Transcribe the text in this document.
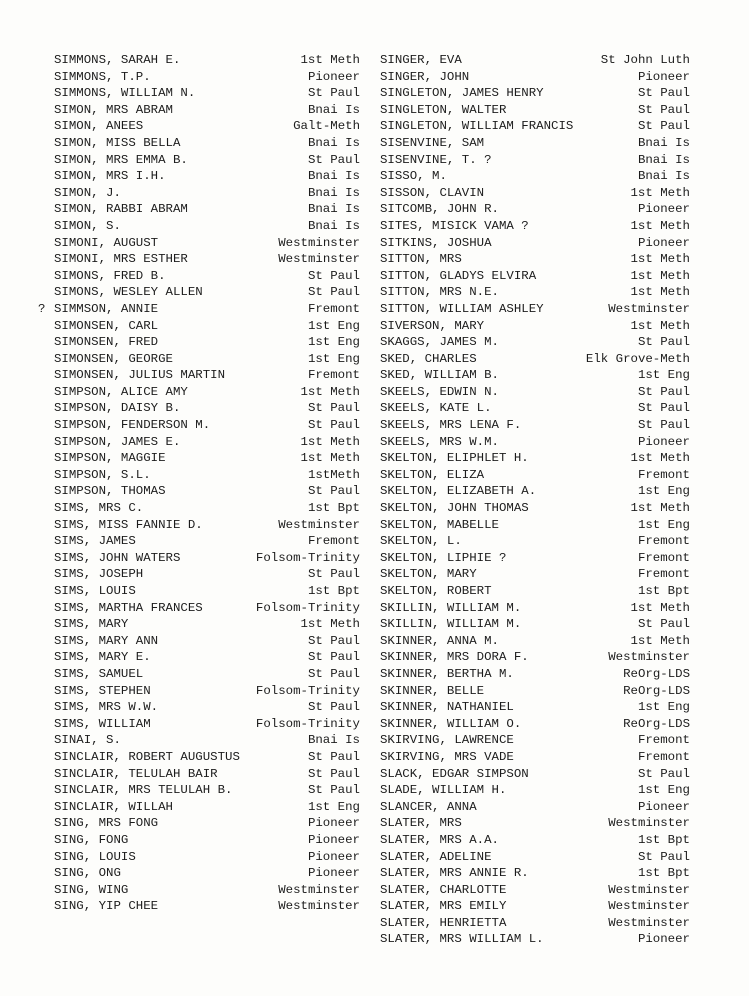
SIMMONS, SARAH E.	1st Meth
SIMMONS, T.P.	Pioneer
SIMMONS, WILLIAM N.	St Paul
SIMON, MRS ABRAM	Bnai Is
SIMON, ANEES	Galt-Meth
SIMON, MISS BELLA	Bnai Is
SIMON, MRS EMMA B.	St Paul
SIMON, MRS I.H.	Bnai Is
SIMON, J.	Bnai Is
SIMON, RABBI ABRAM	Bnai Is
SIMON, S.	Bnai Is
SIMONI, AUGUST	Westminster
SIMONI, MRS ESTHER	Westminster
SIMONS, FRED B.	St Paul
SIMONS, WESLEY ALLEN	St Paul
? SIMMSON, ANNIE	Fremont
SIMONSEN, CARL	1st Eng
SIMONSEN, FRED	1st Eng
SIMONSEN, GEORGE	1st Eng
SIMONSEN, JULIUS MARTIN	Fremont
SIMPSON, ALICE AMY	1st Meth
SIMPSON, DAISY B.	St Paul
SIMPSON, FENDERSON M.	St Paul
SIMPSON, JAMES E.	1st Meth
SIMPSON, MAGGIE	1st Meth
SIMPSON, S.L.	1stMeth
SIMPSON, THOMAS	St Paul
SIMS, MRS C.	1st Bpt
SIMS, MISS FANNIE D.	Westminster
SIMS, JAMES	Fremont
SIMS, JOHN WATERS	Folsom-Trinity
SIMS, JOSEPH	St Paul
SIMS, LOUIS	1st Bpt
SIMS, MARTHA FRANCES	Folsom-Trinity
SIMS, MARY	1st Meth
SIMS, MARY ANN	St Paul
SIMS, MARY E.	St Paul
SIMS, SAMUEL	St Paul
SIMS, STEPHEN	Folsom-Trinity
SIMS, MRS W.W.	St Paul
SIMS, WILLIAM	Folsom-Trinity
SINAI, S.	Bnai Is
SINCLAIR, ROBERT AUGUSTUS	St Paul
SINCLAIR, TELULAH BAIR	St Paul
SINCLAIR, MRS TELULAH B.	St Paul
SINCLAIR, WILLAH	1st Eng
SING, MRS FONG	Pioneer
SING, FONG	Pioneer
SING, LOUIS	Pioneer
SING, ONG	Pioneer
SING, WING	Westminster
SING, YIP CHEE	Westminster
SINGER, EVA	St John Luth
SINGER, JOHN	Pioneer
SINGLETON, JAMES HENRY	St Paul
SINGLETON, WALTER	St Paul
SINGLETON, WILLIAM FRANCIS	St Paul
SISENVINE, SAM	Bnai Is
SISENVINE, T. ?	Bnai Is
SISSO, M.	Bnai Is
SISSON, CLAVIN	1st Meth
SITCOMB, JOHN R.	Pioneer
SITES, MISICK VAMA ?	1st Meth
SITKINS, JOSHUA	Pioneer
SITTON, MRS	1st Meth
SITTON, GLADYS ELVIRA	1st Meth
SITTON, MRS N.E.	1st Meth
SITTON, WILLIAM ASHLEY	Westminster
SIVERSON, MARY	1st Meth
SKAGGS, JAMES M.	St Paul
SKED, CHARLES	Elk Grove-Meth
SKED, WILLIAM B.	1st Eng
SKEELS, EDWIN N.	St Paul
SKEELS, KATE L.	St Paul
SKEELS, MRS LENA F.	St Paul
SKEELS, MRS W.M.	Pioneer
SKELTON, ELIPHLET H.	1st Meth
SKELTON, ELIZA	Fremont
SKELTON, ELIZABETH A.	1st Eng
SKELTON, JOHN THOMAS	1st Meth
SKELTON, MABELLE	1st Eng
SKELTON, L.	Fremont
SKELTON, LIPHIE ?	Fremont
SKELTON, MARY	Fremont
SKELTON, ROBERT	1st Bpt
SKILLIN, WILLIAM M.	1st Meth
SKILLIN, WILLIAM M.	St Paul
SKINNER, ANNA M.	1st Meth
SKINNER, MRS DORA F.	Westminster
SKINNER, BERTHA M.	ReOrg-LDS
SKINNER, BELLE	ReOrg-LDS
SKINNER, NATHANIEL	1st Eng
SKINNER, WILLIAM O.	ReOrg-LDS
SKIRVING, LAWRENCE	Fremont
SKIRVING, MRS VADE	Fremont
SLACK, EDGAR SIMPSON	St Paul
SLADE, WILLIAM H.	1st Eng
SLANCER, ANNA	Pioneer
SLATER, MRS	Westminster
SLATER, MRS A.A.	1st Bpt
SLATER, ADELINE	St Paul
SLATER, MRS ANNIE R.	1st Bpt
SLATER, CHARLOTTE	Westminster
SLATER, MRS EMILY	Westminster
SLATER, HENRIETTA	Westminster
SLATER, MRS WILLIAM L.	Pioneer
